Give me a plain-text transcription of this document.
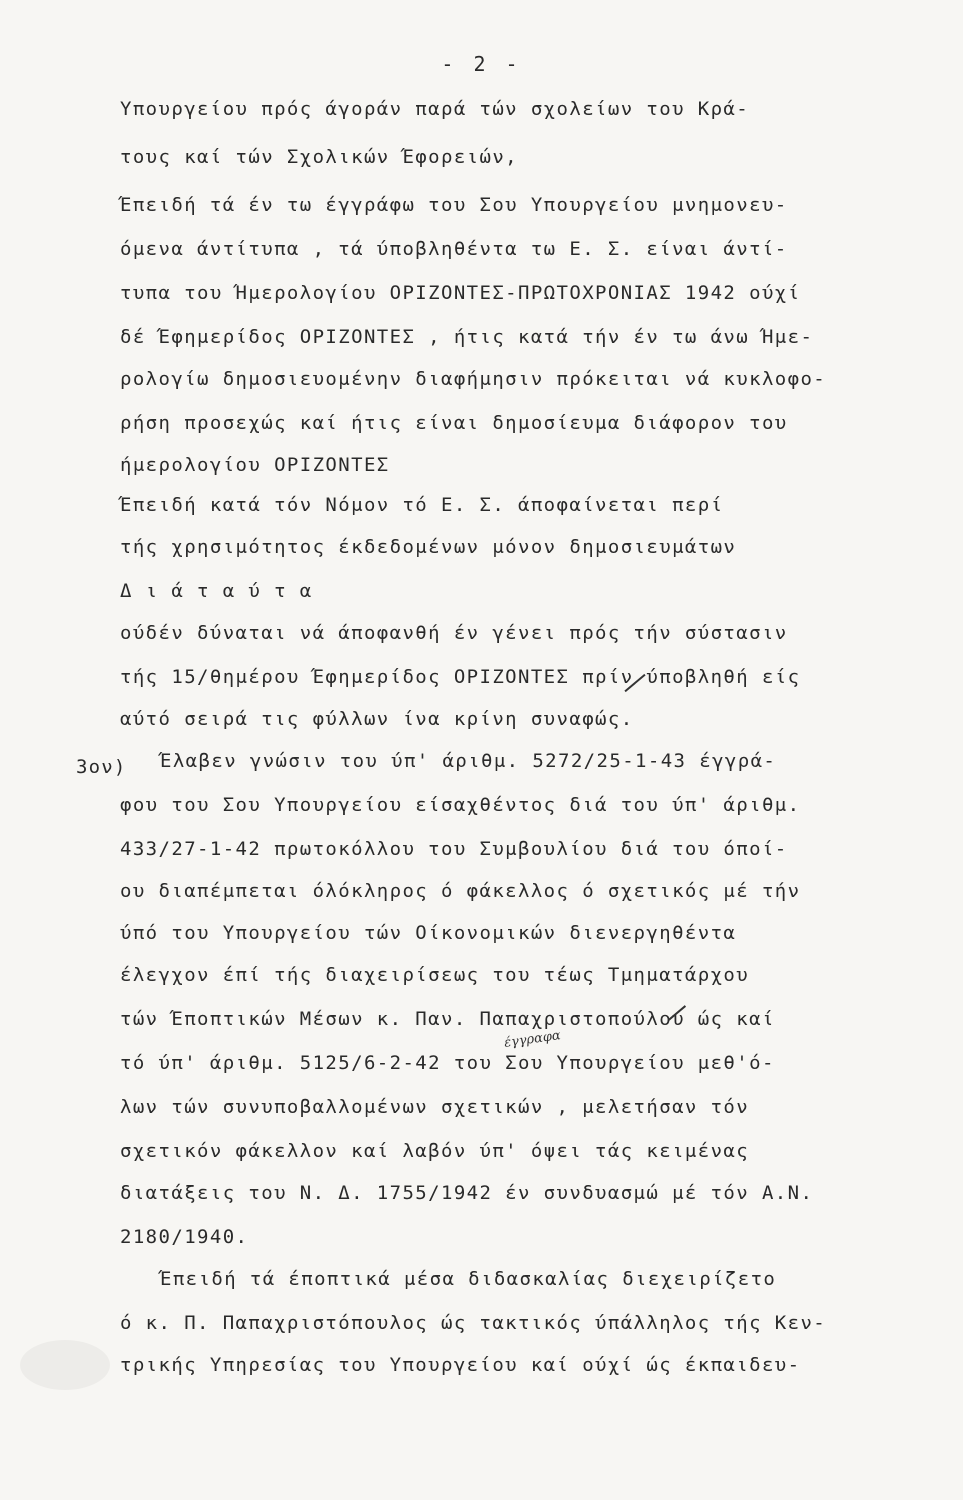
- 2 -
Υπουργείου πρός άγοράν παρά τών σχολείων του Κρά-
τους καί τών Σχολικών Έφορειών,
Έπειδή τά έν τω έγγράφω του Σου Υπουργείου μνημονευ-
όμενα άντίτυπα , τά ύποβληθέντα τω Ε. Σ. είναι άντί-
τυπα του Ήμερολογίου ΟΡΙΖΟΝΤΕΣ-ΠΡΩΤΟΧΡΟΝΙΑΣ 1942 ούχί
δέ Έφημερίδος ΟΡΙΖΟΝΤΕΣ , ήτις κατά τήν έν τω άνω Ήμε-
ρολογίω δημοσιευομένην διαφήμησιν πρόκειται νά κυκλοφο-
ρήση προσεχώς καί ήτις είναι δημοσίευμα διάφορον του
ήμερολογίου ΟΡΙΖΟΝΤΕΣ
Έπειδή κατά τόν Νόμον τό Ε. Σ. άποφαίνεται περί
τής χρησιμότητος έκδεδομένων μόνον δημοσιευμάτων
Δ ι ά τ α ύ τ α
ούδέν δύναται νά άποφανθή έν γένει πρός τήν σύστασιν
τής 15/θημέρου Έφημερίδος ΟΡΙΖΟΝΤΕΣ πρίν ύποβληθή είς
αύτό σειρά τις φύλλων ίνα κρίνη συναφώς.
3ον) Έλαβεν γνώσιν του ύπ' άριθμ. 5272/25-1-43 έγγρά-
φου του Σου Υπουργείου είσαχθέντος διά του ύπ' άριθμ.
433/27-1-42 πρωτοκόλλου του Συμβουλίου διά του όποί-
ου διαπέμπεται όλόκληρος ό φάκελλος ό σχετικός μέ τήν
ύπό του Υπουργείου τών Οίκονομικών διενεργηθέντα
έλεγχον έπί τής διαχειρίσεως του τέως Τμηματάρχου
τών Έποπτικών Μέσων κ. Παν. Παπαχριστοπούλου ώς καί
τό ύπ' άριθμ. 5125/6-2-42 του Σου Υπουργείου μεθ'ό-
λων τών συνυποβαλλομένων σχετικών , μελετήσαν τόν
σχετικόν φάκελλον καί λαβόν ύπ' όψει τάς κειμένας
διατάξεις του Ν. Δ. 1755/1942 έν συνδυασμώ μέ τόν Α.Ν.
2180/1940.
Έπειδή τά έποπτικά μέσα διδασκαλίας διεχειρίζετο
ό κ. Π. Παπαχριστόπουλος ώς τακτικός ύπάλληλος τής Κεν-
τρικής Υπηρεσίας του Υπουργείου καί ούχί ώς έκπαιδευ-
έγγραφα
